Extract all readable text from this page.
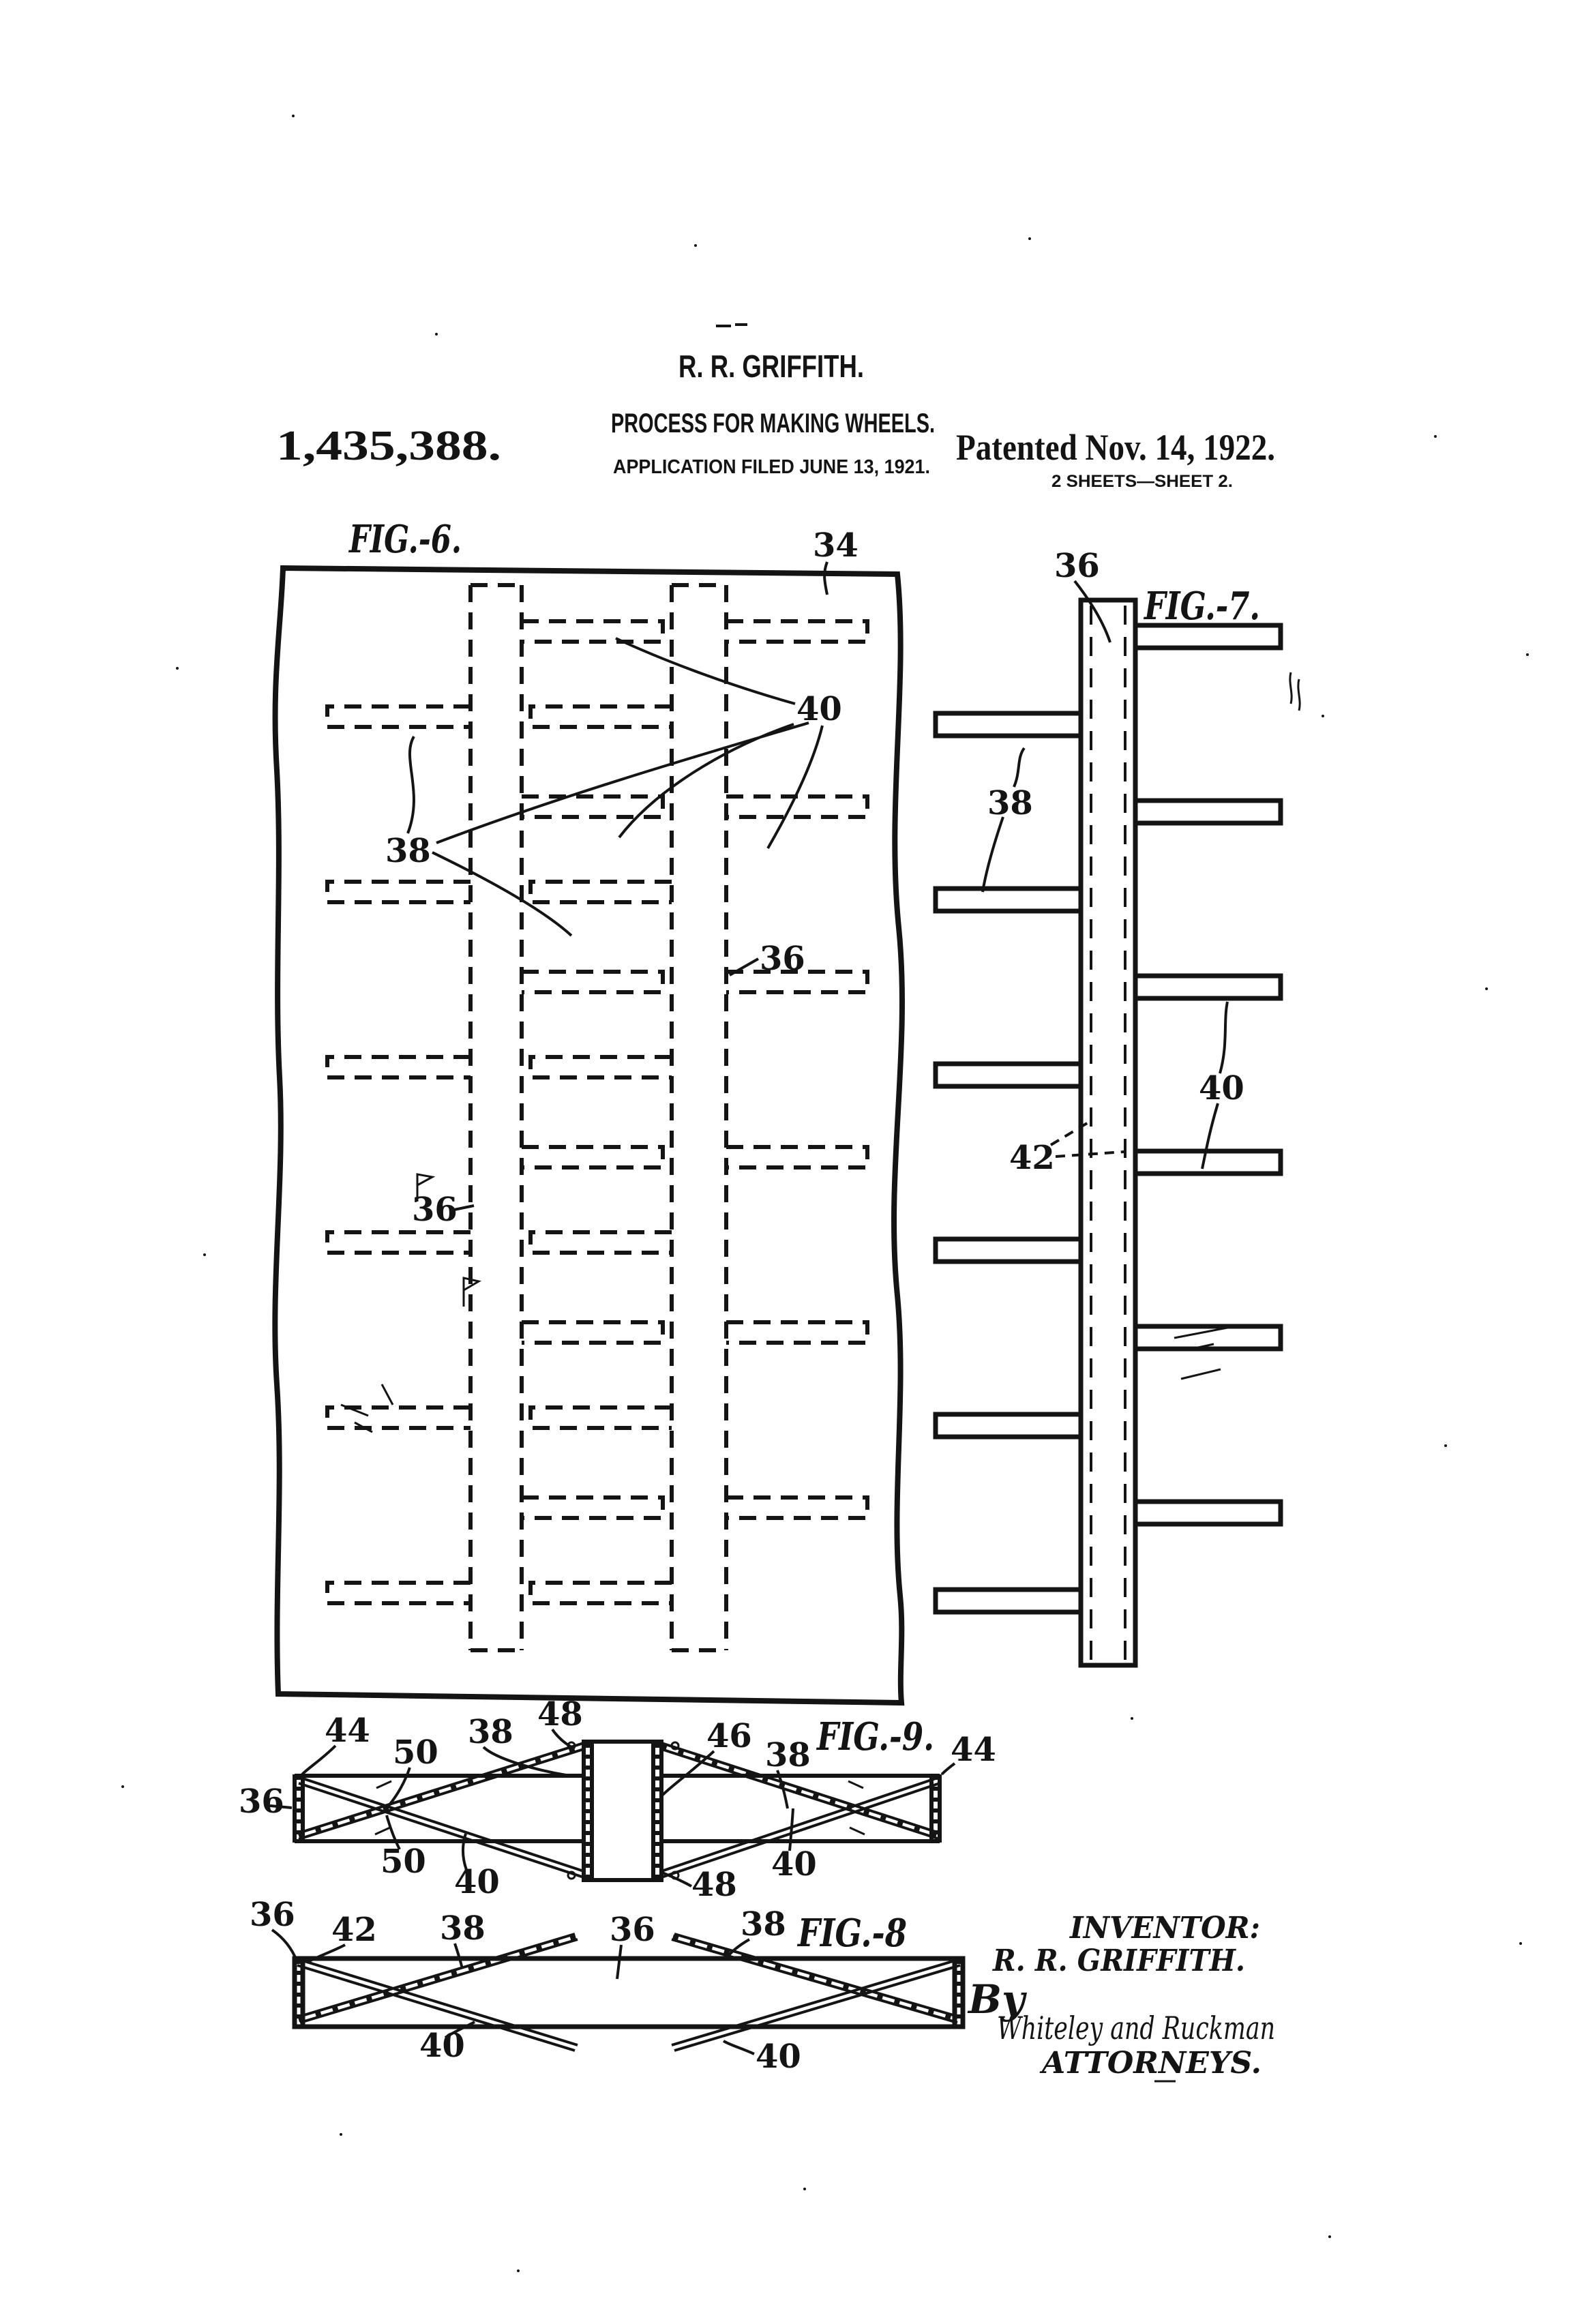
R. R. GRIFFITH.
PROCESS FOR MAKING WHEELS.
APPLICATION FILED JUNE 13, 1921.
1,435,388.	Patented Nov. 14, 1922.
2 SHEETS—SHEET 2.
FIG.-6.	34
40
38
36
36
FIG.-7.
36
38
40
42
FIG.-9.
44
50
38 48
46 38	44
36
50
40	48
40
FIG.-8
36 42 38	36	38
40	40
INVENTOR:
R. R. GRIFFITH.
By
Whiteley and Ruckman
ATTORNEYS.
